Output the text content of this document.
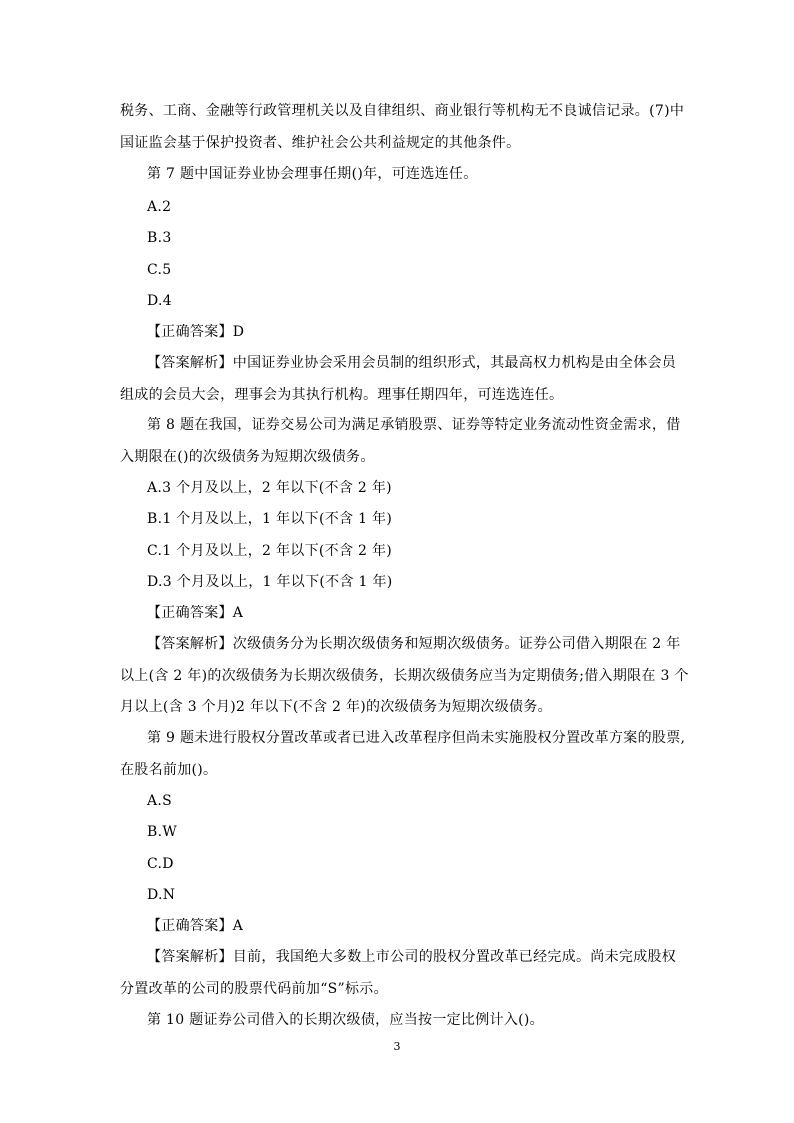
税务、工商、金融等行政管理机关以及自律组织、商业银行等机构无不良诚信记录。(7)中
国证监会基于保护投资者、维护社会公共利益规定的其他条件。
第 7 题中国证券业协会理事任期()年，可连选连任。
A.2
B.3
C.5
D.4
【正确答案】D
【答案解析】中国证券业协会采用会员制的组织形式，其最高权力机构是由全体会员
组成的会员大会，理事会为其执行机构。理事任期四年，可连选连任。
第 8 题在我国，证券交易公司为满足承销股票、证券等特定业务流动性资金需求，借
入期限在()的次级债务为短期次级债务。
A.3 个月及以上，2 年以下(不含 2 年)
B.1 个月及以上，1 年以下(不含 1 年)
C.1 个月及以上，2 年以下(不含 2 年)
D.3 个月及以上，1 年以下(不含 1 年)
【正确答案】A
【答案解析】次级债务分为长期次级债务和短期次级债务。证券公司借入期限在 2 年
以上(含 2 年)的次级债务为长期次级债务，长期次级债务应当为定期债务;借入期限在 3 个
月以上(含 3 个月)2 年以下(不含 2 年)的次级债务为短期次级债务。
第 9 题未进行股权分置改革或者已进入改革程序但尚未实施股权分置改革方案的股票,
在股名前加()。
A.S
B.W
C.D
D.N
【正确答案】A
【答案解析】目前，我国绝大多数上市公司的股权分置改革已经完成。尚未完成股权
分置改革的公司的股票代码前加“S”标示。
第 10 题证券公司借入的长期次级债，应当按一定比例计入()。
3
